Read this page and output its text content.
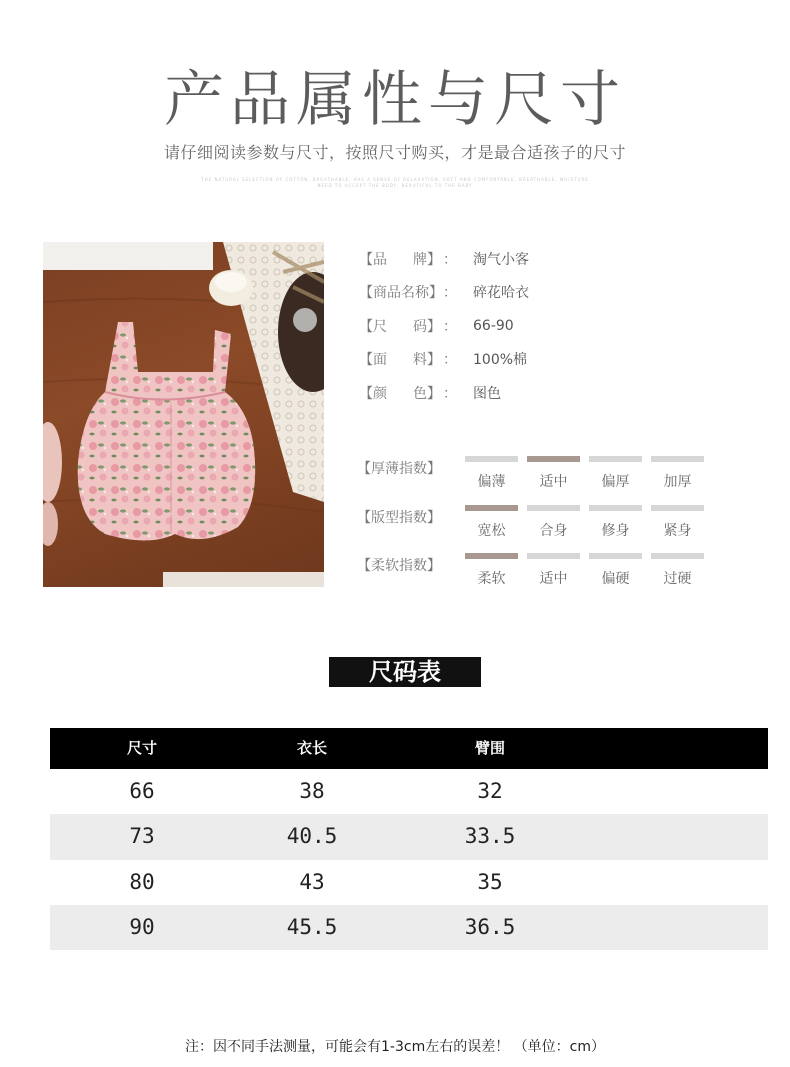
产品属性与尺寸
请仔细阅读参数与尺寸，按照尺寸购买，才是最合适孩子的尺寸
THE NATURAL SELECTION OF COTTON, BREATHABLE, HAS A SENSE OF RELAXATION, SOFT AND COMFORTABLE, BREATHABLE, MOISTURE
NEED TO ACCEPT THE BODY, BEAUTIFUL TO THE BABY
【品 牌】 ：	淘气小客
【商品名称】 ：	碎花哈衣
【尺 码】 ：	66-90
【面 料】 ：	100%棉
【颜 色】 ：	图色
【厚薄指数】
偏薄	适中	偏厚	加厚
【版型指数】
宽松	合身	修身	紧身
【柔软指数】
柔软	适中	偏硬	过硬
尺码表
尺寸	衣长	臂围
66	38	32
73	40.5	33.5
80	43	35
90	45.5	36.5
注：因不同手法测量，可能会有1-3cm左右的误差！ （单位：cm）
